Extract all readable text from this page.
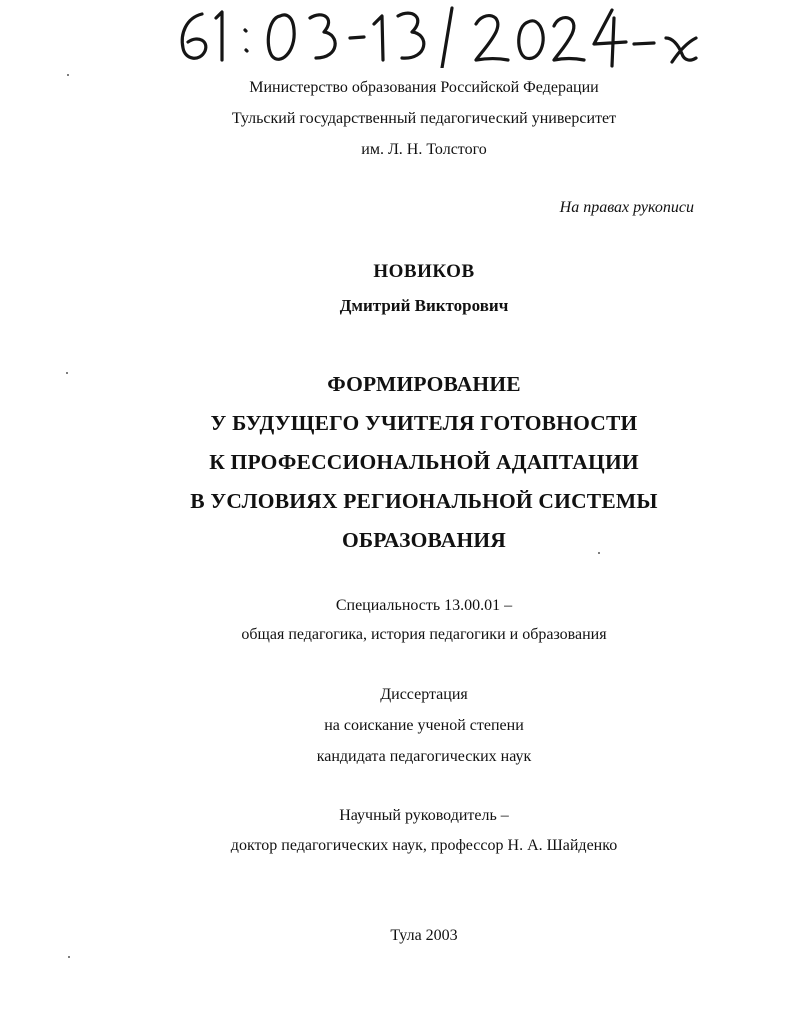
Министерство образования Российской Федерации
Тульский государственный педагогический университет
им. Л. Н. Толстого
На правах рукописи
НОВИКОВ
Дмитрий Викторович
ФОРМИРОВАНИЕ
У БУДУЩЕГО УЧИТЕЛЯ ГОТОВНОСТИ
К ПРОФЕССИОНАЛЬНОЙ АДАПТАЦИИ
В УСЛОВИЯХ РЕГИОНАЛЬНОЙ СИСТЕМЫ
ОБРАЗОВАНИЯ
Специальность 13.00.01 –
общая педагогика, история педагогики и образования
Диссертация
на соискание ученой степени
кандидата педагогических наук
Научный руководитель –
доктор педагогических наук, профессор Н. А. Шайденко
Тула 2003
